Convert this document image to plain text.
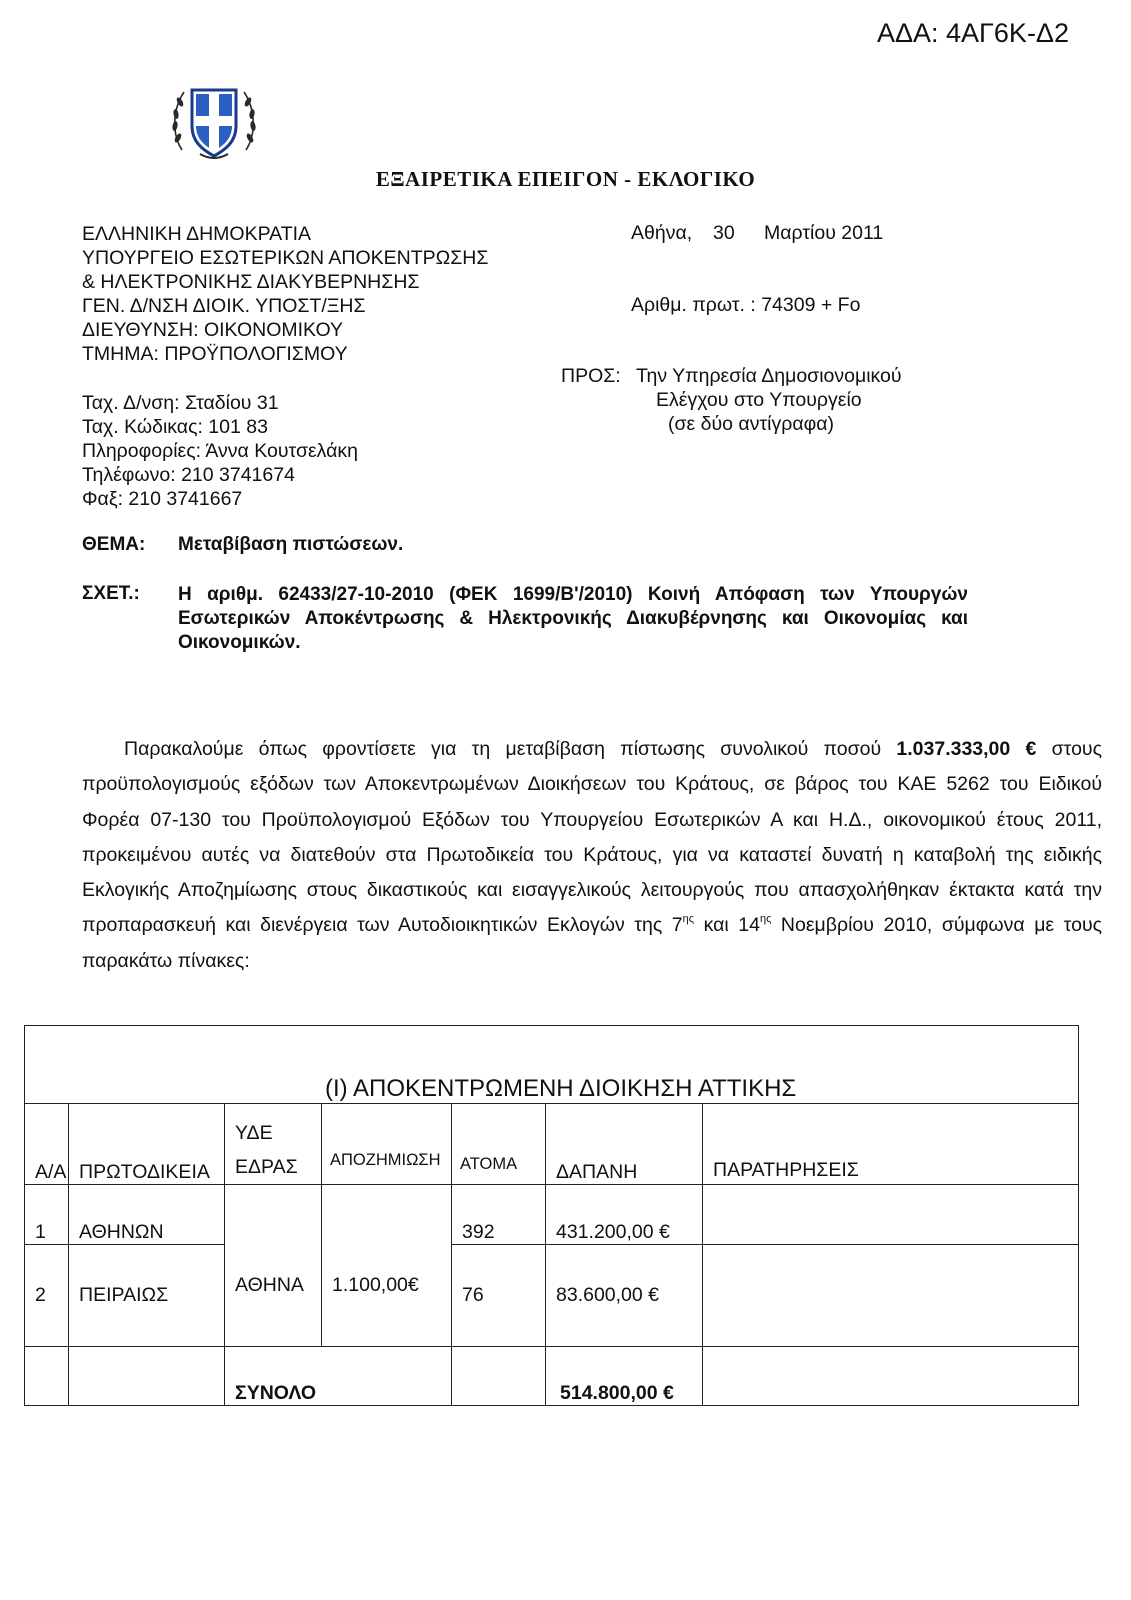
ΑΔΑ: 4ΑΓ6Κ-Δ2
ΕΞΑΙΡΕΤΙΚΑ ΕΠΕΙΓΟΝ - ΕΚΛΟΓΙΚΟ
ΕΛΛΗΝΙΚΗ ΔΗΜΟΚΡΑΤΙΑ
ΥΠΟΥΡΓΕΙΟ ΕΣΩΤΕΡΙΚΩΝ ΑΠΟΚΕΝΤΡΩΣΗΣ
& ΗΛΕΚΤΡΟΝΙΚΗΣ ΔΙΑΚΥΒΕΡΝΗΣΗΣ
ΓΕΝ. Δ/ΝΣΗ ΔΙΟΙΚ. ΥΠΟΣΤ/ΞΗΣ
ΔΙΕΥΘΥΝΣΗ: ΟΙΚΟΝΟΜΙΚΟΥ
ΤΜΗΜΑ: ΠΡΟΫΠΟΛΟΓΙΣΜΟΥ
Ταχ. Δ/νση: Σταδίου 31
Ταχ. Κώδικας: 101 83
Πληροφορίες: Άννα Κουτσελάκη
Τηλέφωνο: 210 3741674
Φαξ: 210 3741667
Αθήνα, 30 Μαρτίου 2011
Αριθμ. πρωτ. : 74309 + Fo
ΠΡΟΣ: Την Υπηρεσία Δημοσιονομικού
Ελέγχου στο Υπουργείο
(σε δύο αντίγραφα)
ΘΕΜΑ: Μεταβίβαση πιστώσεων.
ΣΧΕΤ.: Η αριθμ. 62433/27-10-2010 (ΦΕΚ 1699/Β'/2010) Κοινή Απόφαση των Υπουργών Εσωτερικών Αποκέντρωσης & Ηλεκτρονικής Διακυβέρνησης και Οικονομίας και Οικονομικών.
Παρακαλούμε όπως φροντίσετε για τη μεταβίβαση πίστωσης συνολικού ποσού 1.037.333,00 € στους προϋπολογισμούς εξόδων των Αποκεντρωμένων Διοικήσεων του Κράτους, σε βάρος του ΚΑΕ 5262 του Ειδικού Φορέα 07-130 του Προϋπολογισμού Εξόδων του Υπουργείου Εσωτερικών Α και Η.Δ., οικονομικού έτους 2011, προκειμένου αυτές να διατεθούν στα Πρωτοδικεία του Κράτους, για να καταστεί δυνατή η καταβολή της ειδικής Εκλογικής Αποζημίωσης στους δικαστικούς και εισαγγελικούς λειτουργούς που απασχολήθηκαν έκτακτα κατά την προπαρασκευή και διενέργεια των Αυτοδιοικητικών Εκλογών της $7^{\eta\varsigma}$ και $14^{\eta\varsigma}$ Νοεμβρίου 2010, σύμφωνα με τους παρακάτω πίνακες:
(Ι) ΑΠΟΚΕΝΤΡΩΜΕΝΗ ΔΙΟΙΚΗΣΗ ΑΤΤΙΚΗΣ						
Α/Α	ΠΡΩΤΟΔΙΚΕΙΑ	ΥΔΕ
ΕΔΡΑΣ	ΑΠΟΖΗΜΙΩΣΗ	ΑΤΟΜΑ	ΔΑΠΑΝΗ	ΠΑΡΑΤΗΡΗΣΕΙΣ
1	ΑΘΗΝΩΝ	ΑΘΗΝΑ	1.100,00€	392	431.200,00 €	
2	ΠΕΙΡΑΙΩΣ			76	83.600,00 €	
		ΣΥΝΟΛΟ			514.800,00 €	
